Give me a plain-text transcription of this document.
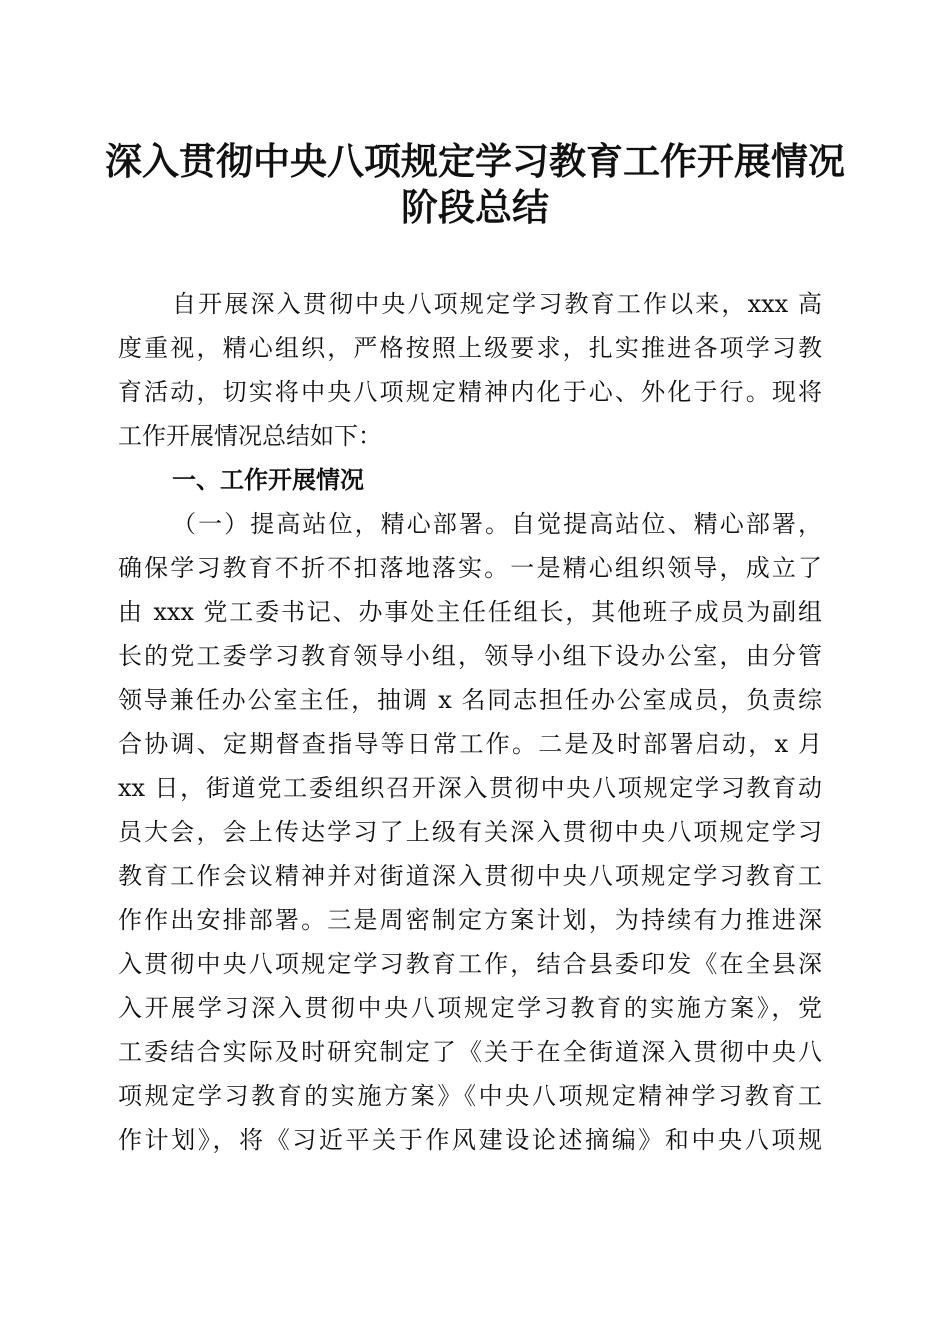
深入贯彻中央八项规定学习教育工作开展情况
阶段总结

自开展深入贯彻中央八项规定学习教育工作以来，xxx 高

度重视，精心组织，严格按照上级要求，扎实推进各项学习教

育活动，切实将中央八项规定精神内化于心、外化于行。现将

工作开展情况总结如下：

一、工作开展情况

（一）提高站位，精心部署。自觉提高站位、精心部署，

确保学习教育不折不扣落地落实。一是精心组织领导，成立了

由 xxx 党工委书记、办事处主任任组长，其他班子成员为副组

长的党工委学习教育领导小组，领导小组下设办公室，由分管

领导兼任办公室主任，抽调 x 名同志担任办公室成员，负责综

合协调、定期督查指导等日常工作。二是及时部署启动，x 月

xx 日，街道党工委组织召开深入贯彻中央八项规定学习教育动

员大会，会上传达学习了上级有关深入贯彻中央八项规定学习

教育工作会议精神并对街道深入贯彻中央八项规定学习教育工

作作出安排部署。三是周密制定方案计划，为持续有力推进深

入贯彻中央八项规定学习教育工作，结合县委印发《在全县深

入开展学习深入贯彻中央八项规定学习教育的实施方案》，党

工委结合实际及时研究制定了《关于在全街道深入贯彻中央八

项规定学习教育的实施方案》《中央八项规定精神学习教育工

作计划》，将《习近平关于作风建设论述摘编》和中央八项规
